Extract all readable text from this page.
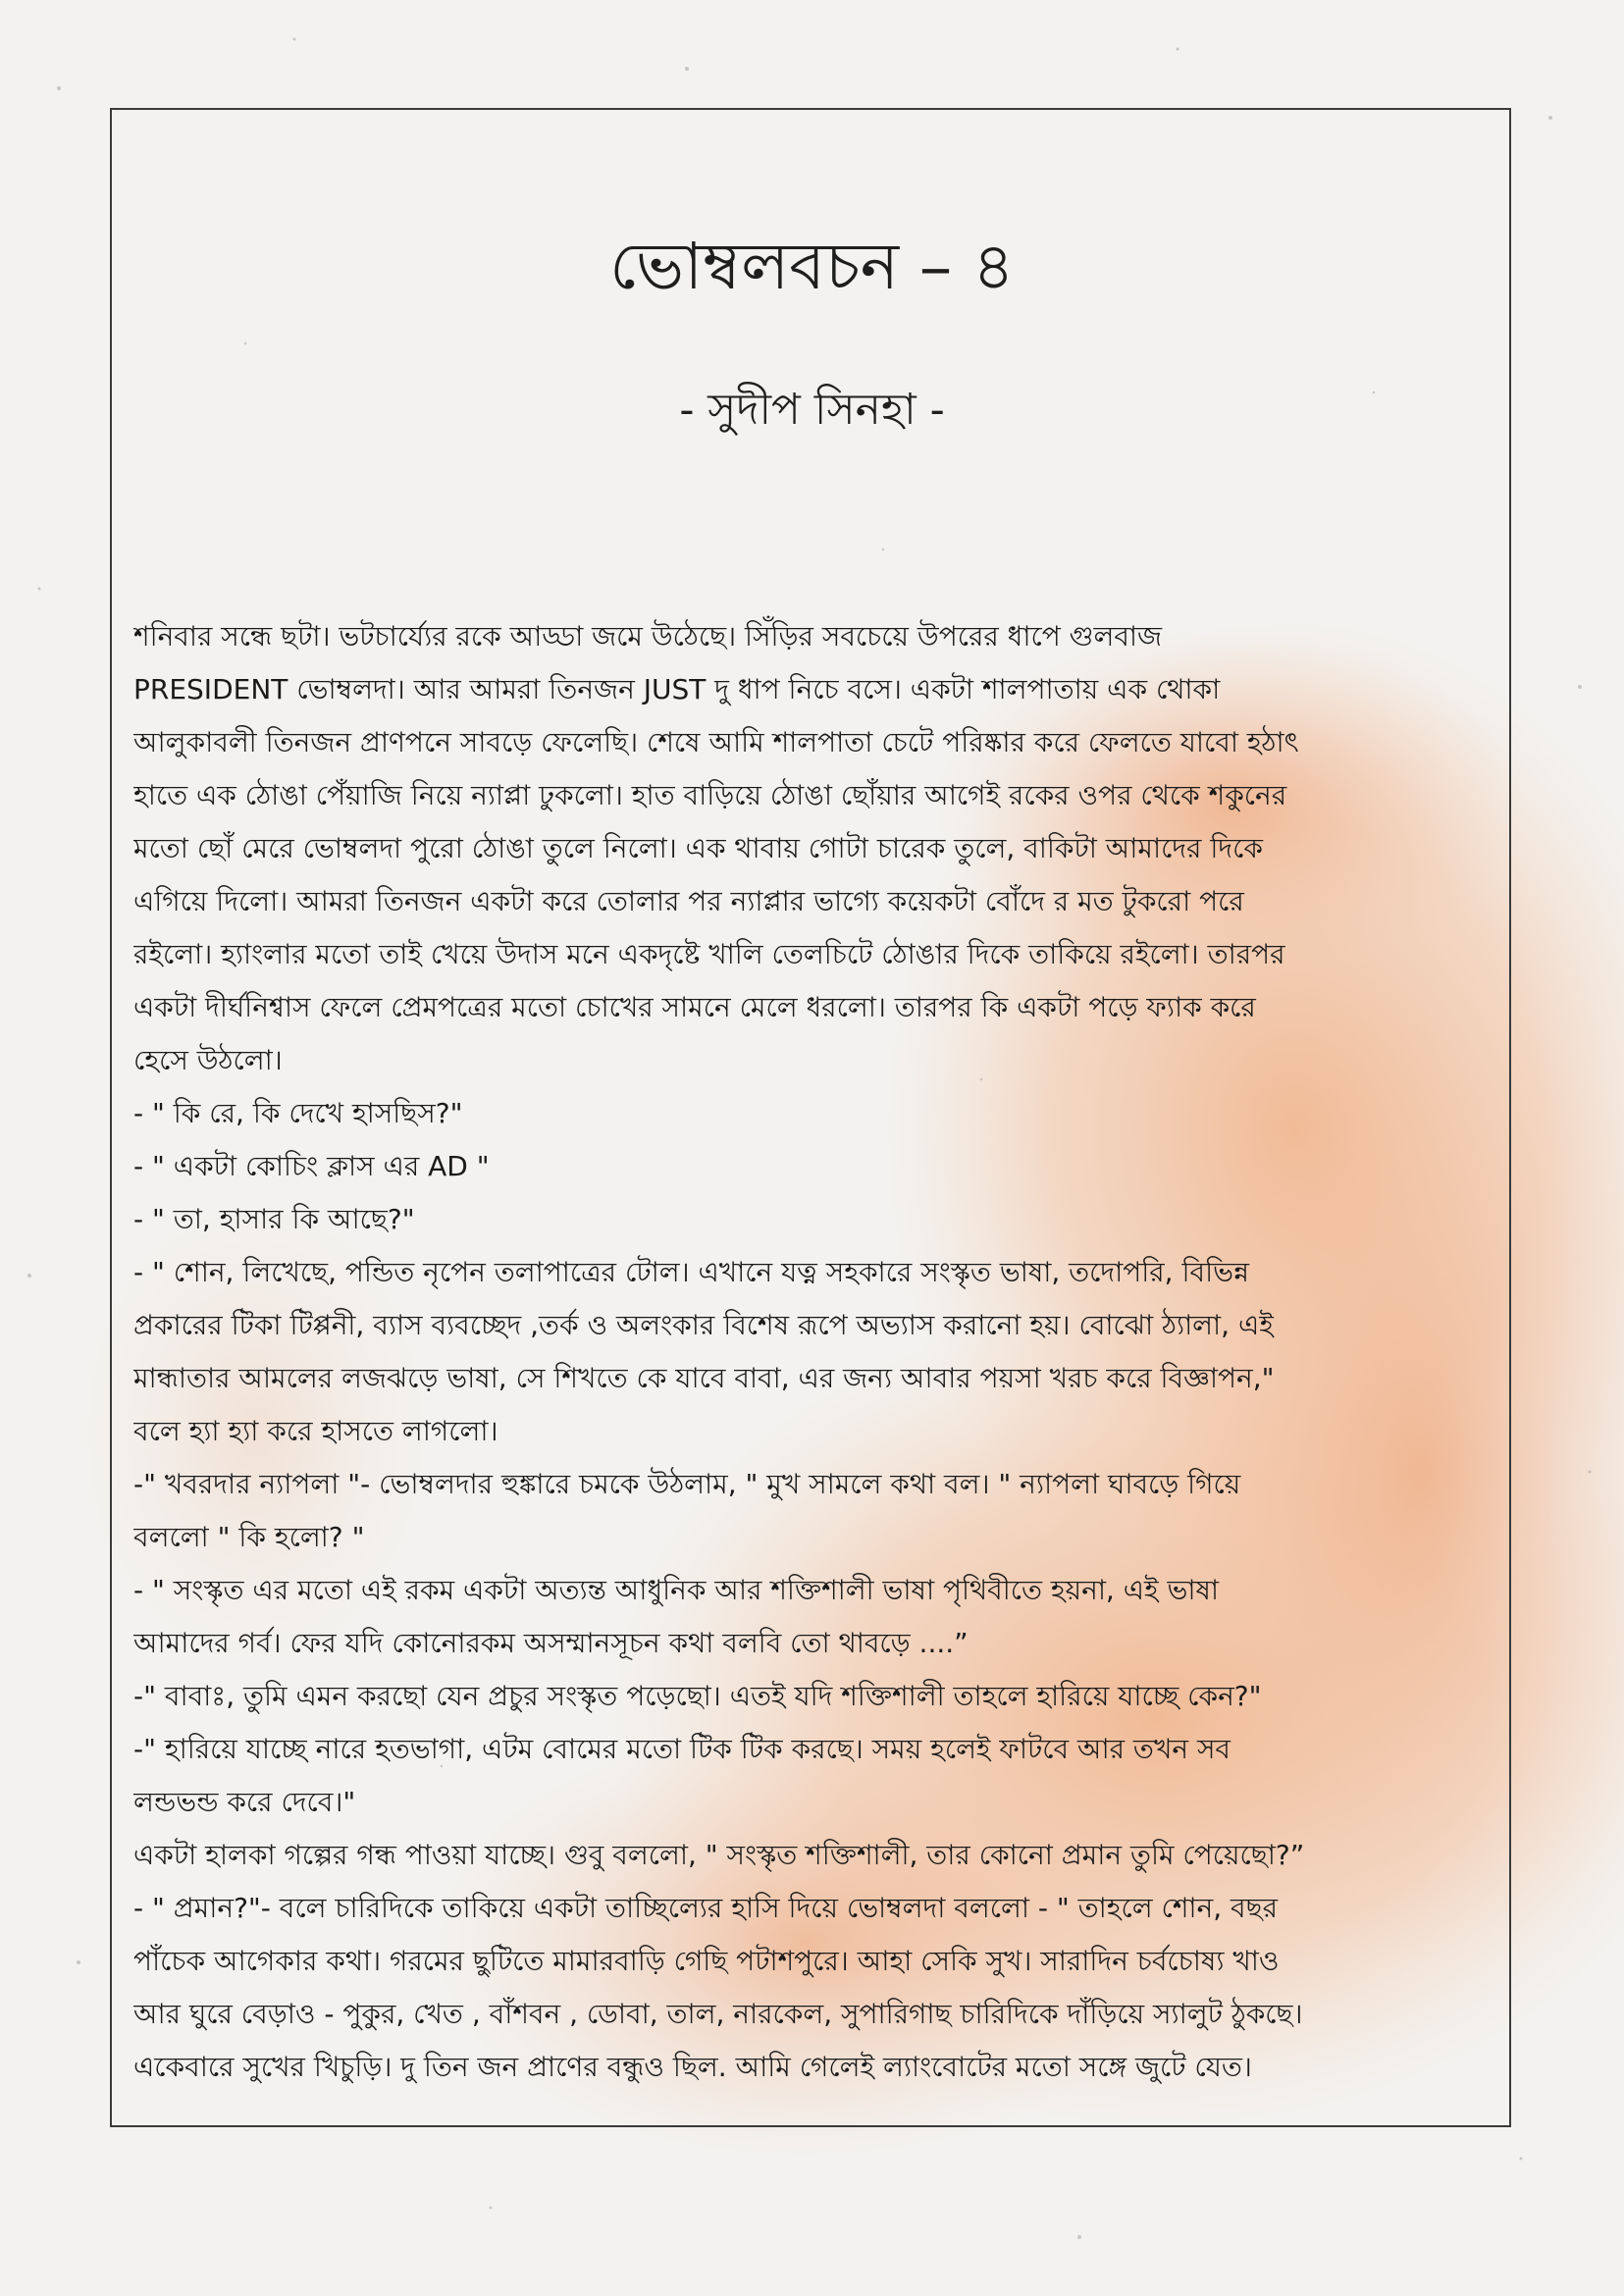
ভোম্বলবচন – ৪
- সুদীপ সিনহা -
শনিবার সন্ধে ছটা। ভটচার্য্যের রকে আড্ডা জমে উঠেছে। সিঁড়ির সবচেয়ে উপরের ধাপে গুলবাজ
PRESIDENT ভোম্বলদা। আর আমরা তিনজন JUST দু ধাপ নিচে বসে। একটা শালপাতায় এক থোকা
আলুকাবলী তিনজন প্রাণপনে সাবড়ে ফেলেছি। শেষে আমি শালপাতা চেটে পরিষ্কার করে ফেলতে যাবো হঠাৎ
হাতে এক ঠোঙা পেঁয়াজি নিয়ে ন্যাপ্লা ঢুকলো। হাত বাড়িয়ে ঠোঙা ছোঁয়ার আগেই রকের ওপর থেকে শকুনের
মতো ছোঁ মেরে ভোম্বলদা পুরো ঠোঙা তুলে নিলো। এক থাবায় গোটা চারেক তুলে, বাকিটা আমাদের দিকে
এগিয়ে দিলো। আমরা তিনজন একটা করে তোলার পর ন্যাপ্লার ভাগ্যে কয়েকটা বোঁদে র মত টুকরো পরে
রইলো। হ্যাংলার মতো তাই খেয়ে উদাস মনে একদৃষ্টে খালি তেলচিটে ঠোঙার দিকে তাকিয়ে রইলো। তারপর
একটা দীর্ঘনিশ্বাস ফেলে প্রেমপত্রের মতো চোখের সামনে মেলে ধরলো। তারপর কি একটা পড়ে ফ্যাক করে
হেসে উঠলো।
- " কি রে, কি দেখে হাসছিস?"
- " একটা কোচিং ক্লাস এর AD "
- " তা, হাসার কি আছে?"
- " শোন, লিখেছে, পন্ডিত নৃপেন তলাপাত্রের টোল। এখানে যত্ন সহকারে সংস্কৃত ভাষা, তদোপরি, বিভিন্ন
প্রকারের টিকা টিপ্পনী, ব্যাস ব্যবচ্ছেদ ,তর্ক ও অলংকার বিশেষ রূপে অভ্যাস করানো হয়। বোঝো ঠ্যালা, এই
মান্ধাতার আমলের লজঝড়ে ভাষা, সে শিখতে কে যাবে বাবা, এর জন্য আবার পয়সা খরচ করে বিজ্ঞাপন,"
বলে হ্যা হ্যা করে হাসতে লাগলো।
-" খবরদার ন্যাপলা "- ভোম্বলদার হুঙ্কারে চমকে উঠলাম, " মুখ সামলে কথা বল। " ন্যাপলা ঘাবড়ে গিয়ে
বললো " কি হলো? "
- " সংস্কৃত এর মতো এই রকম একটা অত্যন্ত আধুনিক আর শক্তিশালী ভাষা পৃথিবীতে হয়না, এই ভাষা
আমাদের গর্ব। ফের যদি কোনোরকম অসম্মানসূচন কথা বলবি তো থাবড়ে ....”
-" বাবাঃ, তুমি এমন করছো যেন প্রচুর সংস্কৃত পড়েছো। এতই যদি শক্তিশালী তাহলে হারিয়ে যাচ্ছে কেন?"
-" হারিয়ে যাচ্ছে নারে হতভাগা, এটম বোমের মতো টিক টিক করছে। সময় হলেই ফাটবে আর তখন সব
লন্ডভন্ড করে দেবে।"
একটা হালকা গল্পের গন্ধ পাওয়া যাচ্ছে। গুবু বললো, " সংস্কৃত শক্তিশালী, তার কোনো প্রমান তুমি পেয়েছো?”
- " প্রমান?"- বলে চারিদিকে তাকিয়ে একটা তাচ্ছিল্যের হাসি দিয়ে ভোম্বলদা বললো - " তাহলে শোন, বছর
পাঁচেক আগেকার কথা। গরমের ছুটিতে মামারবাড়ি গেছি পটাশপুরে। আহা সেকি সুখ। সারাদিন চর্বচোষ্য খাও
আর ঘুরে বেড়াও - পুকুর, খেত , বাঁশবন , ডোবা, তাল, নারকেল, সুপারিগাছ চারিদিকে দাঁড়িয়ে স্যালুট ঠুকছে।
একেবারে সুখের খিচুড়ি। দু তিন জন প্রাণের বন্ধুও ছিল. আমি গেলেই ল্যাংবোটের মতো সঙ্গে জুটে যেত।
